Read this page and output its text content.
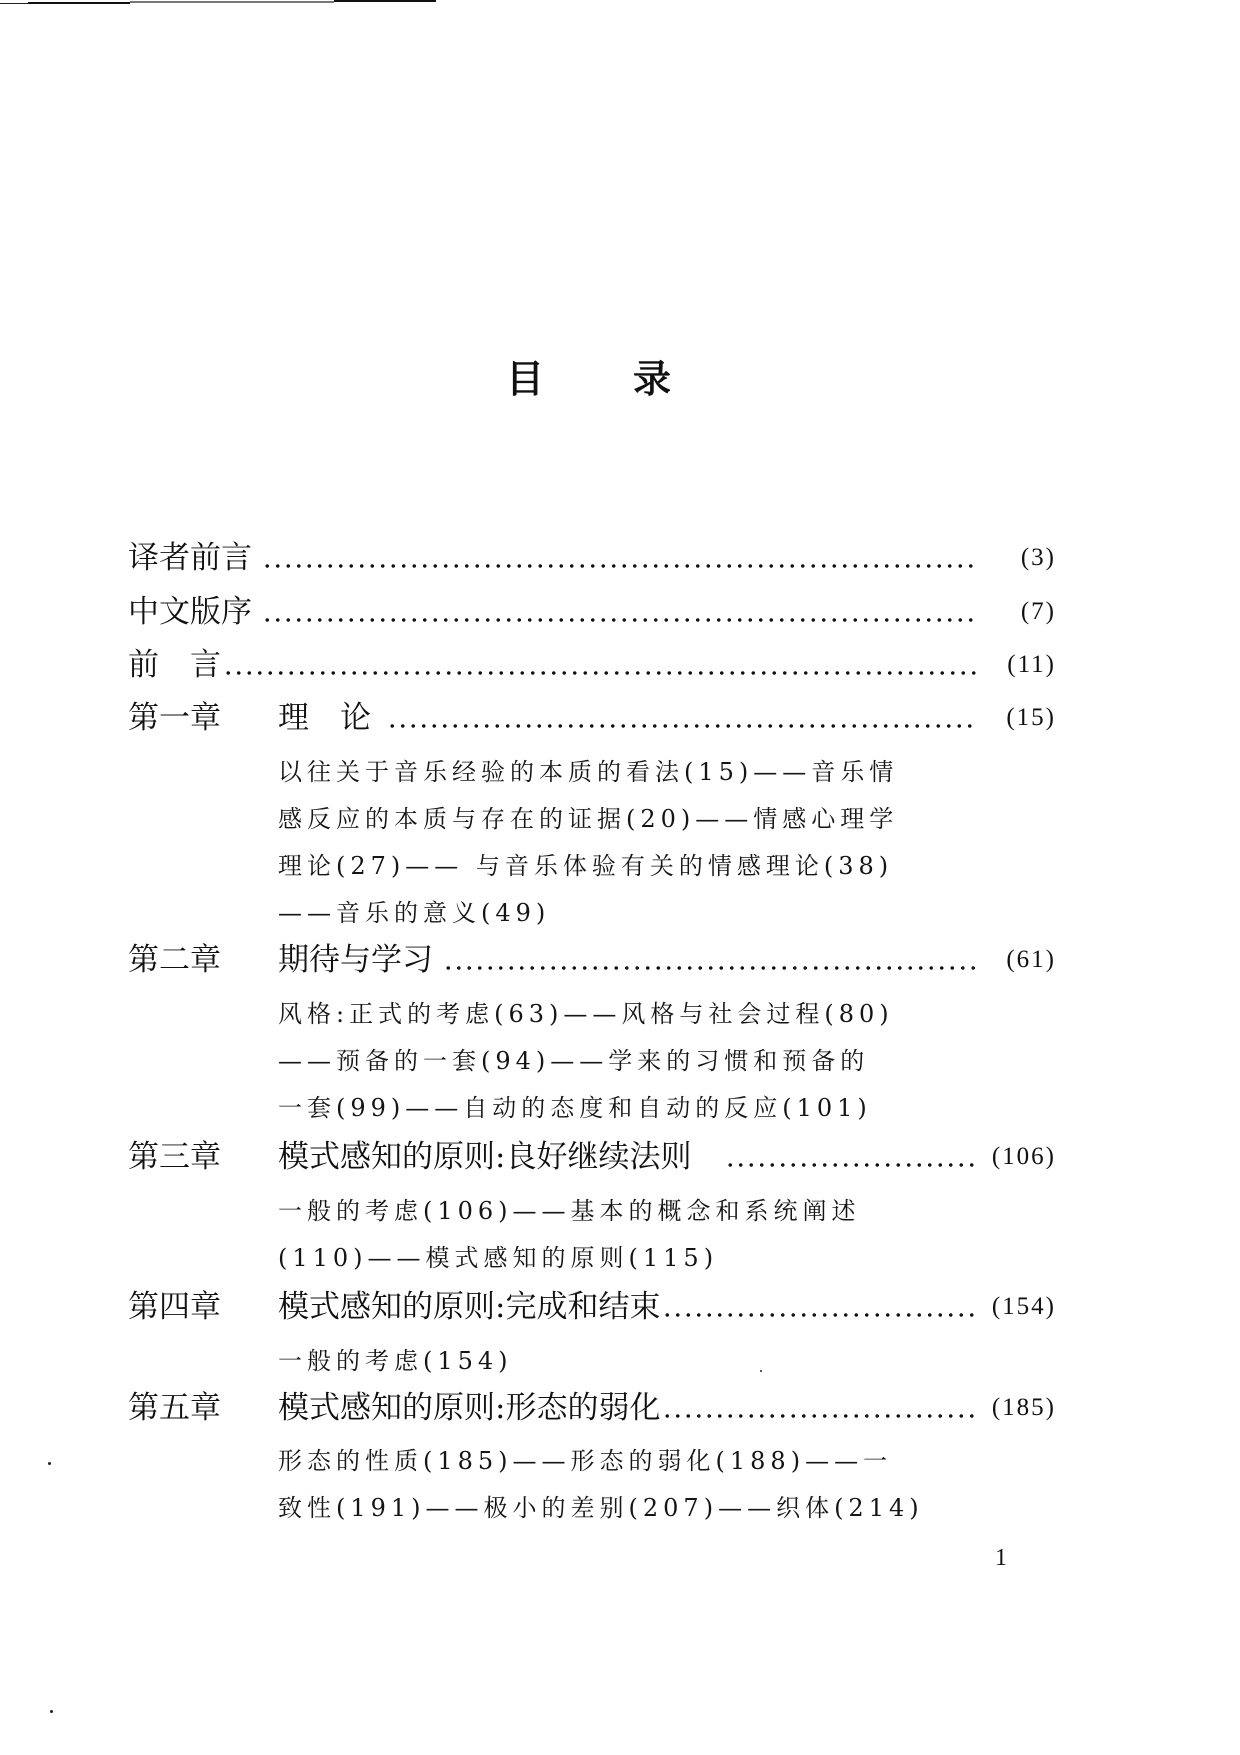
目 录
译者前言	(3)
中文版序	(7)
前　言	(11)
第一章	理　论	(15)
以往关于音乐经验的本质的看法(15)——音乐情
感反应的本质与存在的证据(20)——情感心理学
理论(27)—— 与音乐体验有关的情感理论(38)
——音乐的意义(49)
第二章	期待与学习	(61)
风格:正式的考虑(63)——风格与社会过程(80)
——预备的一套(94)——学来的习惯和预备的
一套(99)——自动的态度和自动的反应(101)
第三章	模式感知的原则:良好继续法则	(106)
一般的考虑(106)——基本的概念和系统阐述
(110)——模式感知的原则(115)
第四章	模式感知的原则:完成和结束	(154)
一般的考虑(154)
第五章	模式感知的原则:形态的弱化	(185)
形态的性质(185)——形态的弱化(188)——一
致性(191)——极小的差别(207)——织体(214)
1
